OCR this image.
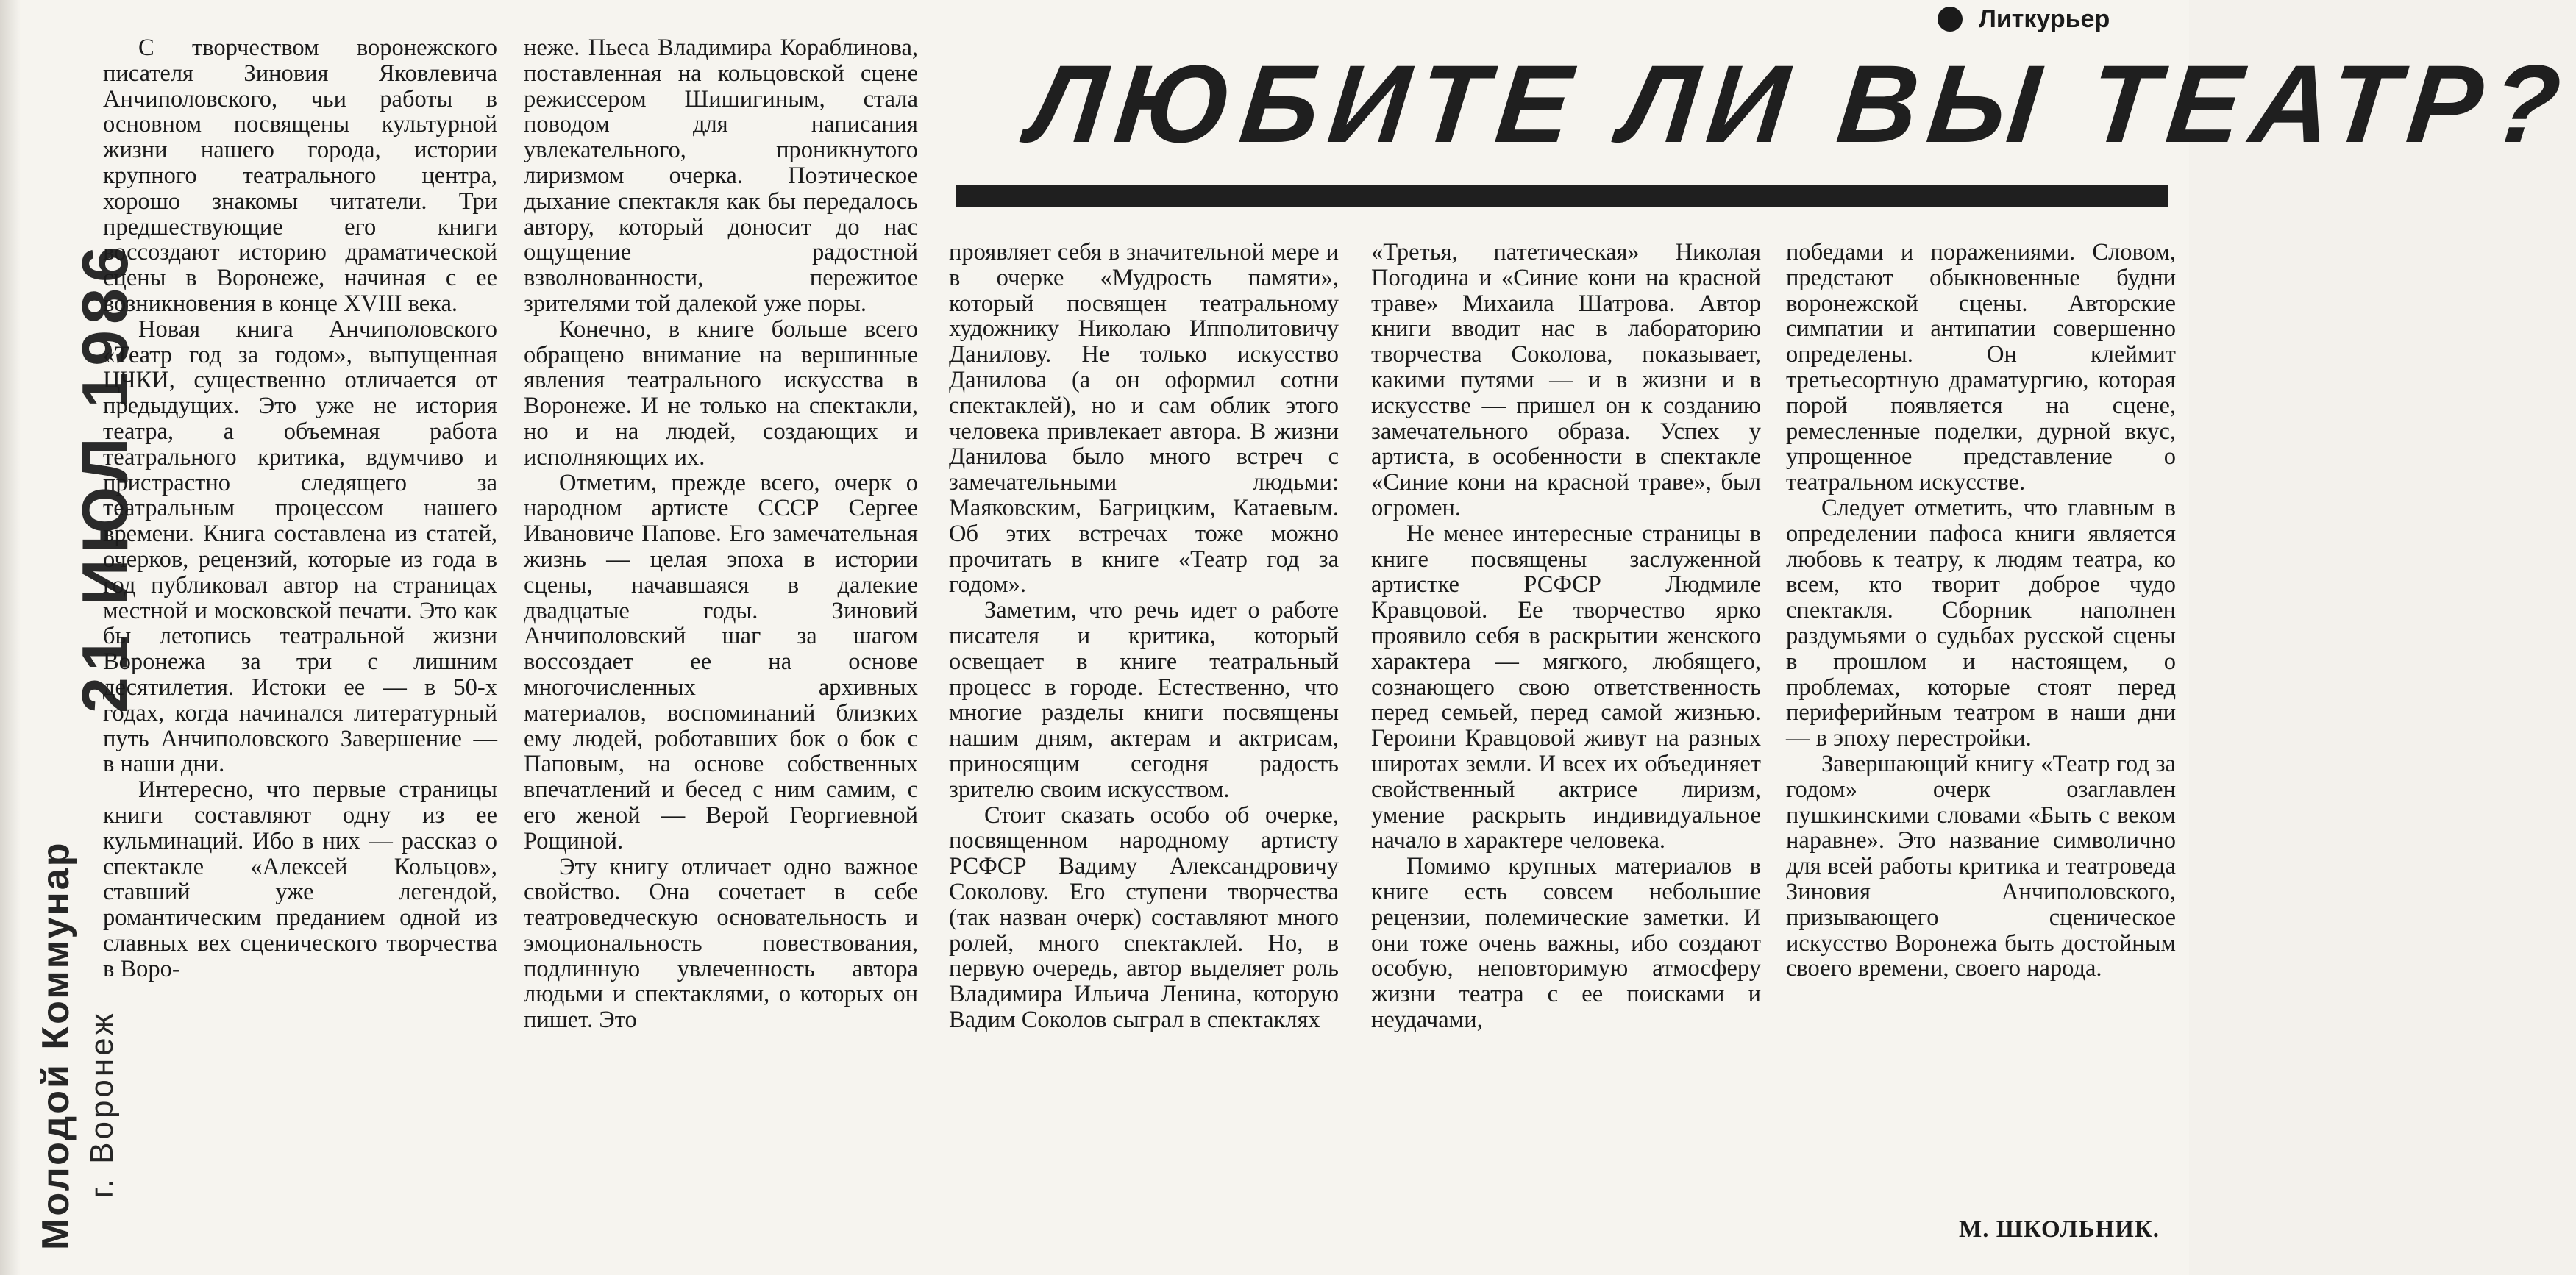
Молодой Коммунар г. Воронеж
21 ИЮЛ 1986
Литкурьер
ЛЮБИТЕ ЛИ ВЫ ТЕАТР?

С творчеством воронежского писателя Зиновия Яковлевича Анчиполовского, чьи работы в основном посвящены культурной жизни нашего города, истории крупного театрального центра, хорошо знакомы читатели. Три предшествующие его книги воссоздают историю драматической сцены в Воронеже, начиная с ее возникновения в конце XVIII века.

Новая книга Анчиполовского «Театр год за годом», выпущенная ЦЧКИ, существенно отличается от предыдущих. Это уже не история театра, а объемная работа театрального критика, вдумчиво и пристрастно следящего за театральным процессом нашего времени. Книга составлена из статей, очерков, рецензий, которые из года в год публиковал автор на страницах местной и московской печати. Это как бы летопись театральной жизни Воронежа за три с лишним десятилетия. Истоки ее — в 50-х годах, когда начинался литературный путь Анчиполовского Завершение — в наши дни.

Интересно, что первые страницы книги составляют одну из ее кульминаций. Ибо в них — рассказ о спектакле «Алексей Кольцов», ставший уже легендой, романтическим преданием одной из славных вех сценического творчества в Воро-

неже. Пьеса Владимира Кораблинова, поставленная на кольцовской сцене режиссером Шишигиным, стала поводом для написания увлекательного, проникнутого лиризмом очерка. Поэтическое дыхание спектакля как бы передалось автору, который доносит до нас ощущение радостной взволнованности, пережитое зрителями той далекой уже поры.

Конечно, в книге больше всего обращено внимание на вершинные явления театрального искусства в Воронеже. И не только на спектакли, но и на людей, создающих и исполняющих их.

Отметим, прежде всего, очерк о народном артисте СССР Сергее Ивановиче Папове. Его замечательная жизнь — целая эпоха в истории сцены, начавшаяся в далекие двадцатые годы. Зиновий Анчиполовский шаг за шагом воссоздает ее на основе многочисленных архивных материалов, воспоминаний близких ему людей, роботавших бок о бок с Паповым, на основе собственных впечатлений и бесед с ним самим, с его женой — Верой Георгиевной Рощиной.

Эту книгу отличает одно важное свойство. Она сочетает в себе театроведческую основательность и эмоциональность повествования, подлинную увлеченность автора людьми и спектаклями, о которых он пишет. Это

проявляет себя в значительной мере и в очерке «Мудрость памяти», который посвящен театральному художнику Николаю Ипполитовичу Данилову. Не только искусство Данилова (а он оформил сотни спектаклей), но и сам облик этого человека привлекает автора. В жизни Данилова было много встреч с замечательными людьми: Маяковским, Багрицким, Катаевым. Об этих встречах тоже можно прочитать в книге «Театр год за годом».

Заметим, что речь идет о работе писателя и критика, который освещает в книге театральный процесс в городе. Естественно, что многие разделы книги посвящены нашим дням, актерам и актрисам, приносящим сегодня радость зрителю своим искусством.

Стоит сказать особо об очерке, посвященном народному артисту РСФСР Вадиму Александровичу Соколову. Его ступени творчества (так назван очерк) составляют много ролей, много спектаклей. Но, в первую очередь, автор выделяет роль Владимира Ильича Ленина, которую Вадим Соколов сыграл в спектаклях

«Третья, патетическая» Николая Погодина и «Синие кони на красной траве» Михаила Шатрова. Автор книги вводит нас в лабораторию творчества Соколова, показывает, какими путями — и в жизни и в искусстве — пришел он к созданию замечательного образа. Успех у артиста, в особенности в спектакле «Синие кони на красной траве», был огромен.

Не менее интересные страницы в книге посвящены заслуженной артистке РСФСР Людмиле Кравцовой. Ее творчество ярко проявило себя в раскрытии женского характера — мягкого, любящего, сознающего свою ответственность перед семьей, перед самой жизнью. Героини Кравцовой живут на разных широтах земли. И всех их объединяет свойственный актрисе лиризм, умение раскрыть индивидуальное начало в характере человека.

Помимо крупных материалов в книге есть совсем небольшие рецензии, полемические заметки. И они тоже очень важны, ибо создают особую, неповторимую атмосферу жизни театра с ее поисками и неудачами,

победами и поражениями. Словом, предстают обыкновенные будни воронежской сцены. Авторские симпатии и антипатии совершенно определены. Он клеймит третьесортную драматургию, которая порой появляется на сцене, ремесленные поделки, дурной вкус, упрощенное представление о театральном искусстве.

Следует отметить, что главным в определении пафоса книги является любовь к театру, к людям театра, ко всем, кто творит доброе чудо спектакля. Сборник наполнен раздумьями о судьбах русской сцены в прошлом и настоящем, о проблемах, которые стоят перед периферийным театром в наши дни — в эпоху перестройки.

Завершающий книгу «Театр год за годом» очерк озаглавлен пушкинскими словами «Быть с веком наравне». Это название символично для всей работы критика и театроведа Зиновия Анчиполовского, призывающего сценическое искусство Воронежа быть достойным своего времени, своего народа.

М. ШКОЛЬНИК.
